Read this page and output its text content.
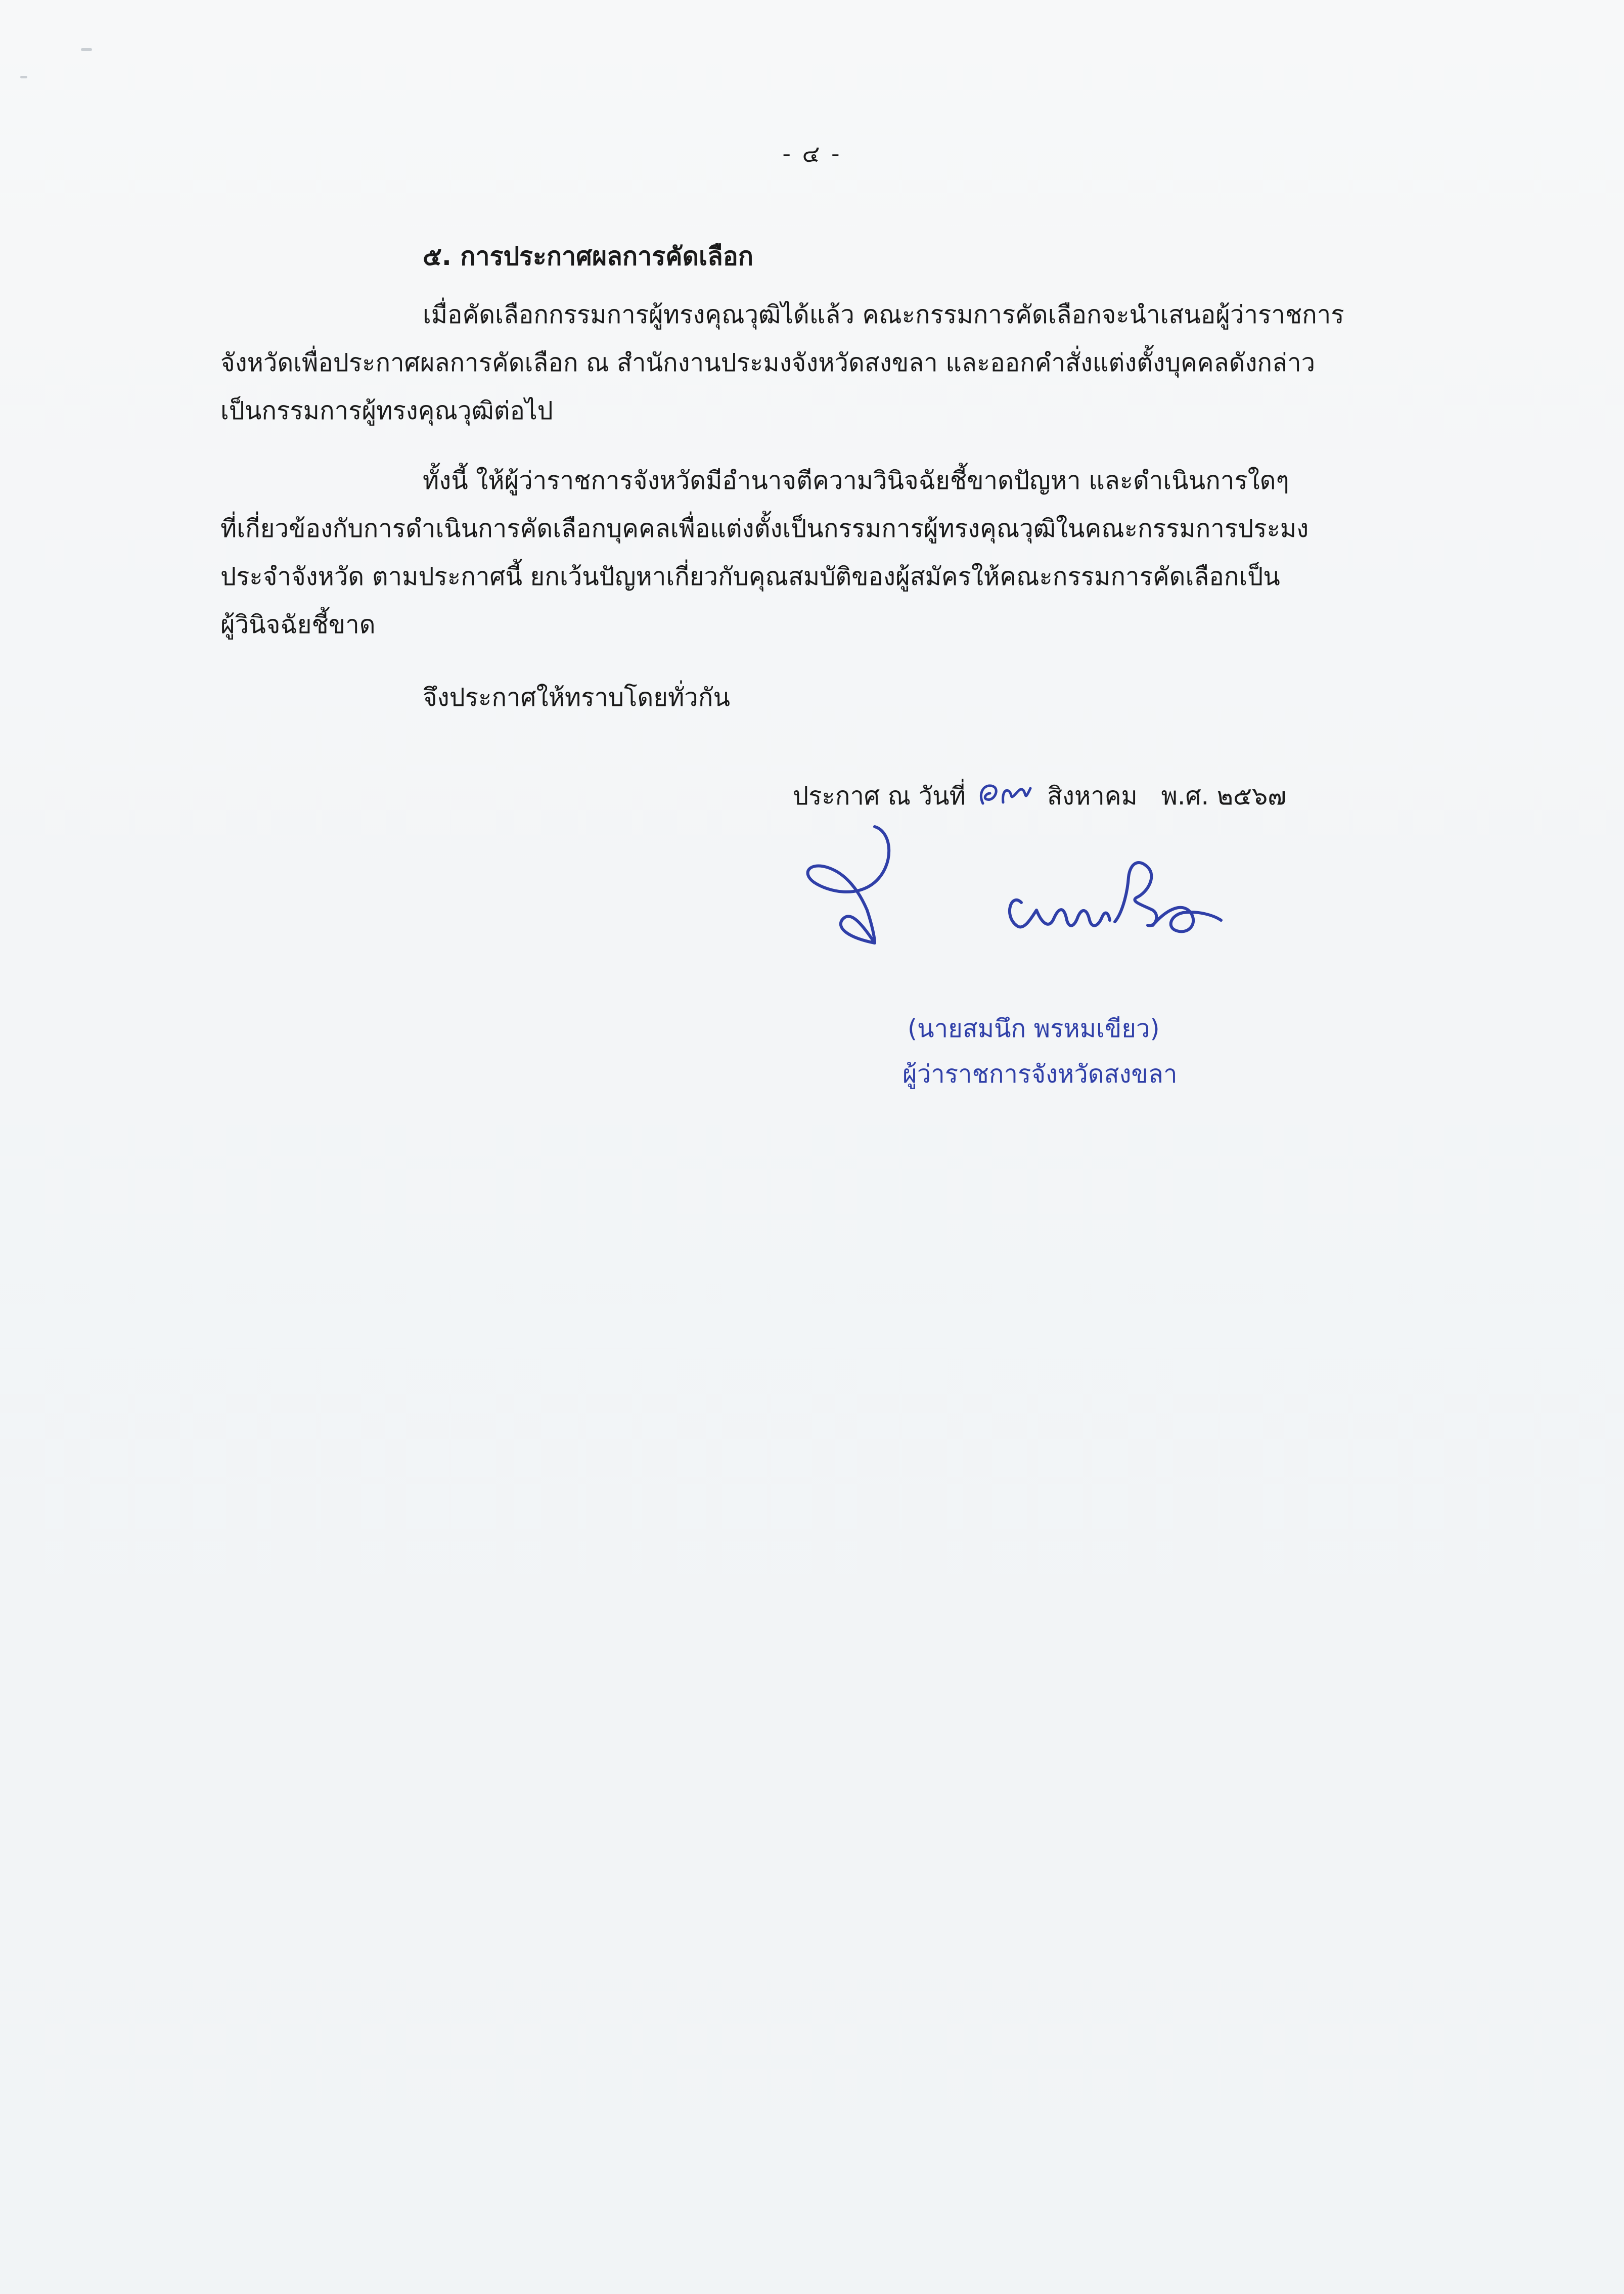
- ๔ -
๕. การประกาศผลการคัดเลือก
เมื่อคัดเลือกกรรมการผู้ทรงคุณวุฒิได้แล้ว คณะกรรมการคัดเลือกจะนำเสนอผู้ว่าราชการ
จังหวัดเพื่อประกาศผลการคัดเลือก ณ สำนักงานประมงจังหวัดสงขลา และออกคำสั่งแต่งตั้งบุคคลดังกล่าว
เป็นกรรมการผู้ทรงคุณวุฒิต่อไป
ทั้งนี้ ให้ผู้ว่าราชการจังหวัดมีอำนาจตีความวินิจฉัยชี้ขาดปัญหา และดำเนินการใดๆ
ที่เกี่ยวข้องกับการดำเนินการคัดเลือกบุคคลเพื่อแต่งตั้งเป็นกรรมการผู้ทรงคุณวุฒิในคณะกรรมการประมง
ประจำจังหวัด ตามประกาศนี้ ยกเว้นปัญหาเกี่ยวกับคุณสมบัติของผู้สมัครให้คณะกรรมการคัดเลือกเป็น
ผู้วินิจฉัยชี้ขาด
จึงประกาศให้ทราบโดยทั่วกัน
ประกาศ ณ วันที่	สิงหาคม พ.ศ. ๒๕๖๗
(นายสมนึก พรหมเขียว)
ผู้ว่าราชการจังหวัดสงขลา
